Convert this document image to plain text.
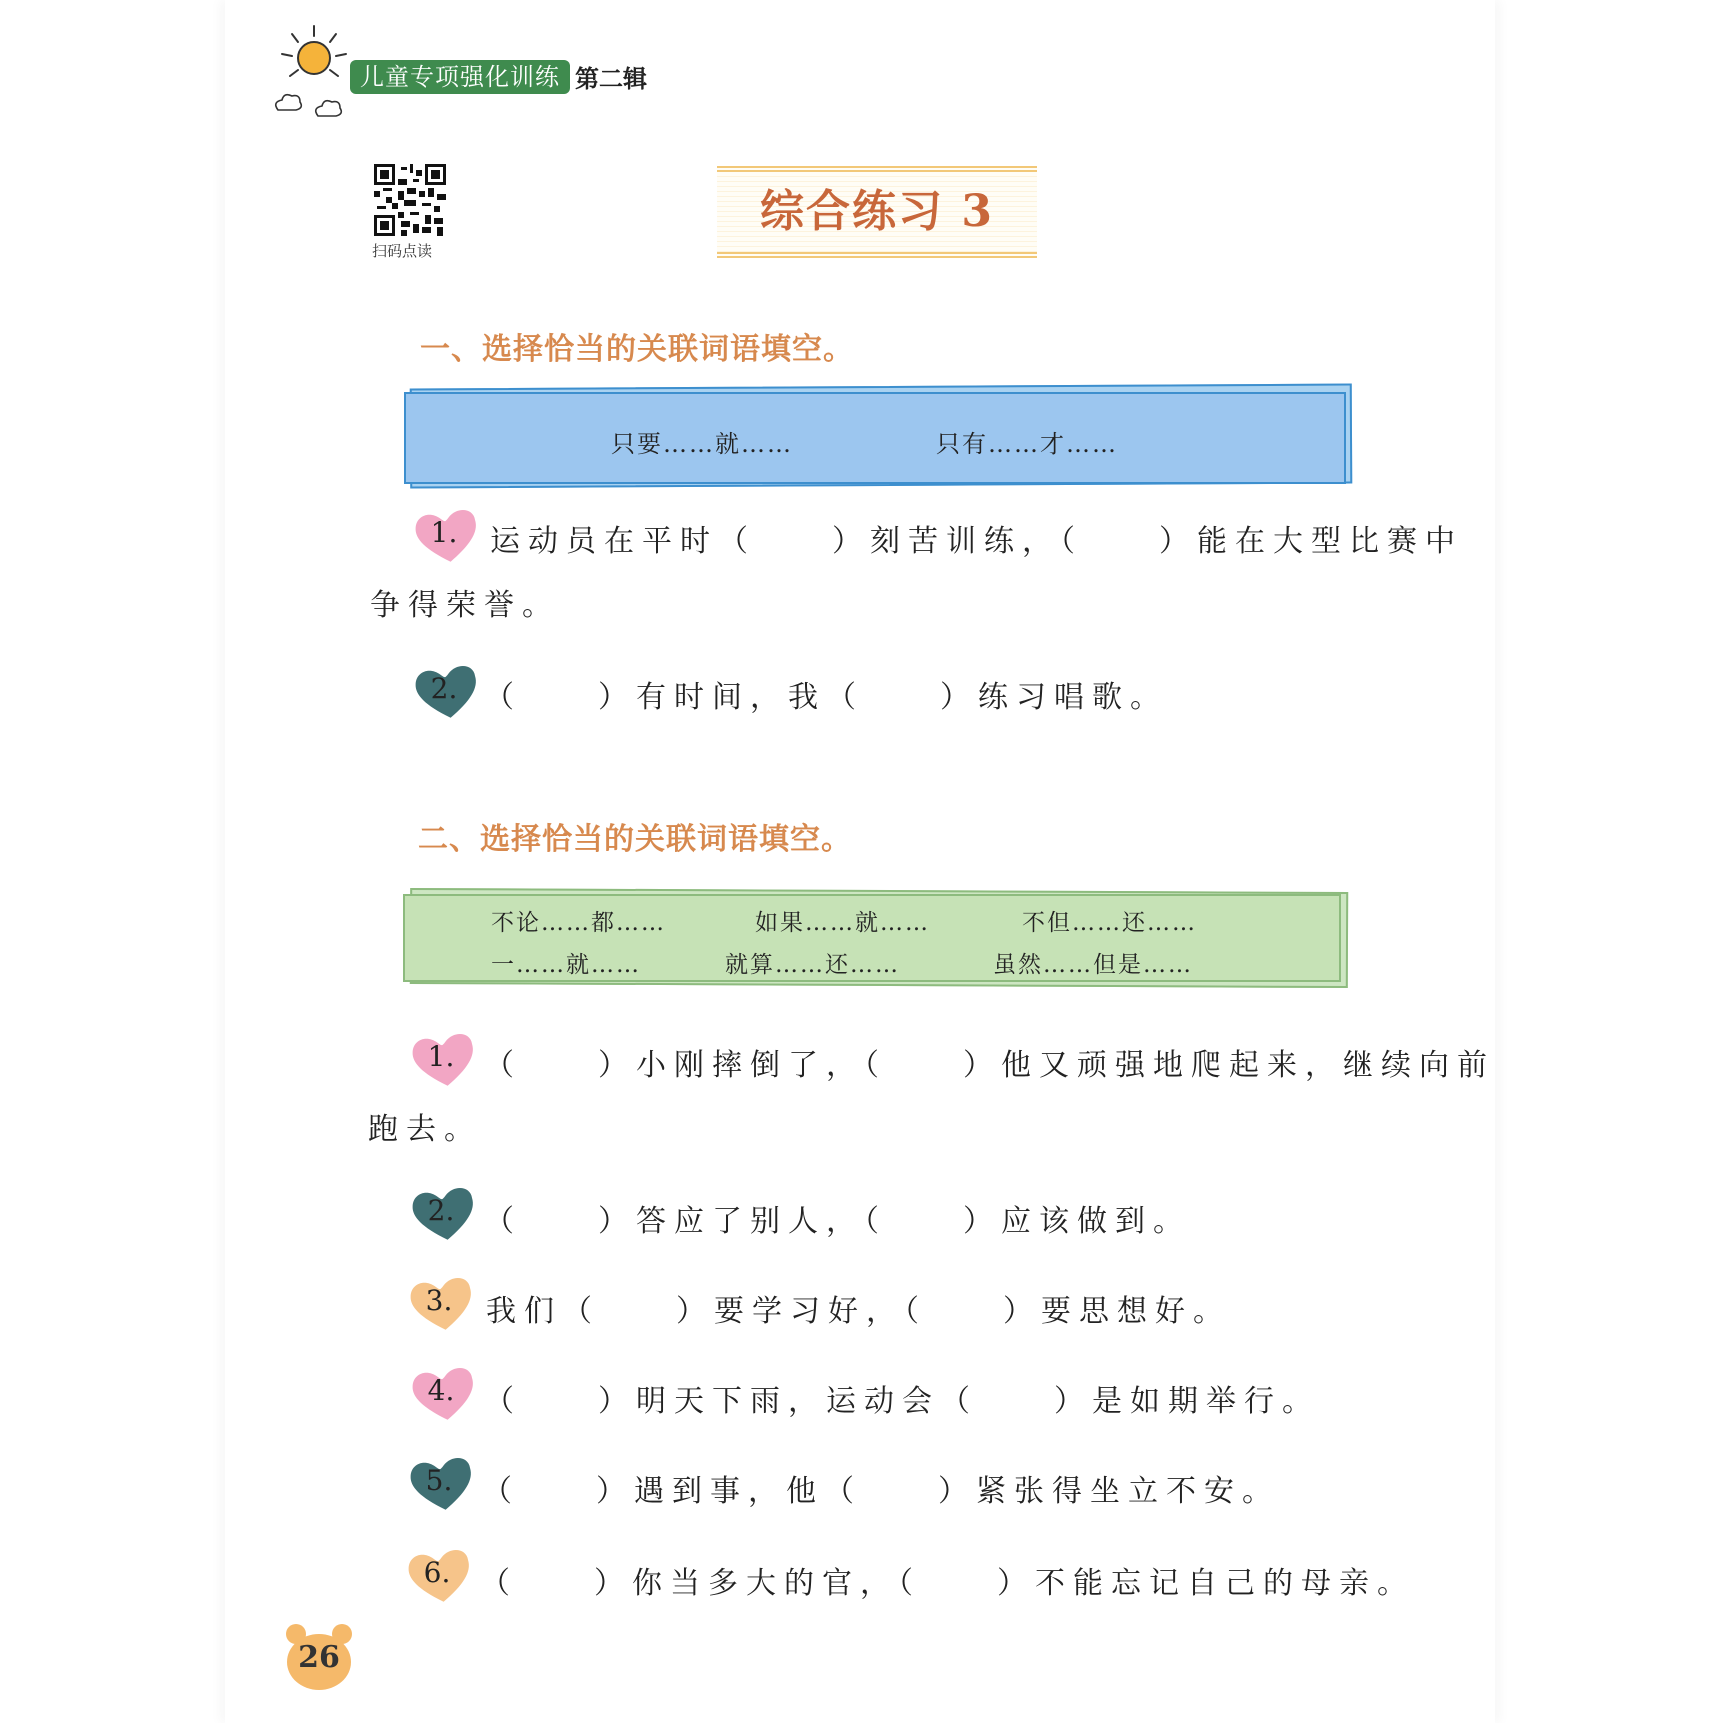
儿童专项强化训练 第二辑
扫码点读
综合练习 3
一、选择恰当的关联词语填空。
只要……就……	只有……才……
1.	运动员在平时（　　）刻苦训练，（　　）能在大型比赛中
争得荣誉。
2. （　　）有时间，我（　　）练习唱歌。
二、选择恰当的关联词语填空。
不论……都……	如果……就……	不但……还……
一……就……	就算……还……	虽然……但是……
1. （　　）小刚摔倒了，（　　）他又顽强地爬起来，继续向前
跑去。
2. （　　）答应了别人，（　　）应该做到。
3.	我们（　　）要学习好，（　　）要思想好。
4. （　　）明天下雨，运动会（　　）是如期举行。
5. （　　）遇到事，他（　　）紧张得坐立不安。
6. （　　）你当多大的官，（　　）不能忘记自己的母亲。
26
